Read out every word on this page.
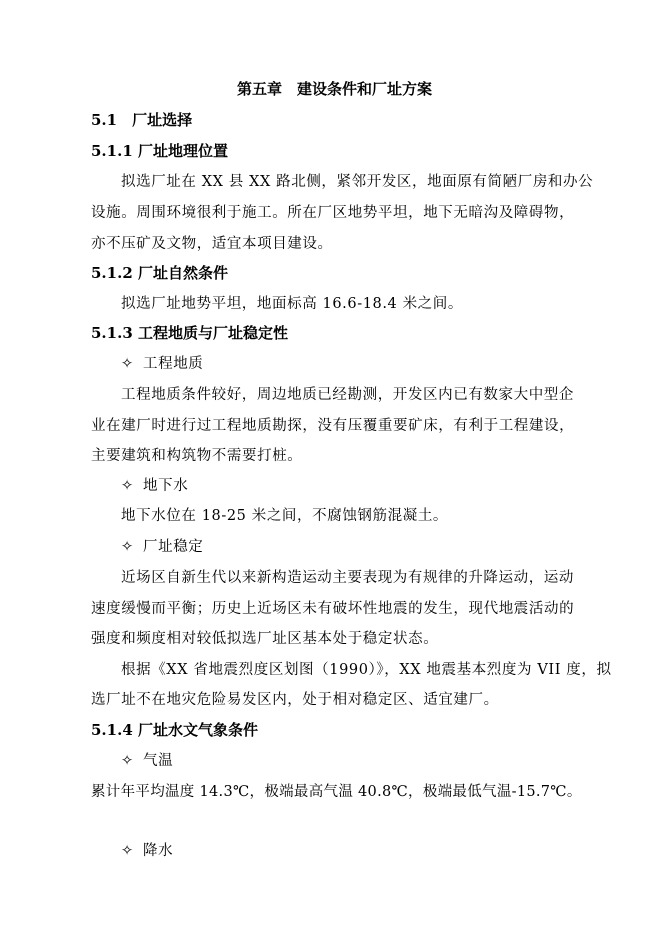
第五章　建设条件和厂址方案
5.1　厂址选择
5.1.1 厂址地理位置
拟选厂址在 XX 县 XX 路北侧，紧邻开发区，地面原有简陋厂房和办公
设施。周围环境很利于施工。所在厂区地势平坦，地下无暗沟及障碍物，
亦不压矿及文物，适宜本项目建设。
5.1.2 厂址自然条件
拟选厂址地势平坦，地面标高 16.6-18.4 米之间。
5.1.3 工程地质与厂址稳定性
✧ 工程地质
工程地质条件较好，周边地质已经勘测，开发区内已有数家大中型企
业在建厂时进行过工程地质勘探，没有压覆重要矿床，有利于工程建设，
主要建筑和构筑物不需要打桩。
✧ 地下水
地下水位在 18-25 米之间，不腐蚀钢筋混凝土。
✧ 厂址稳定
近场区自新生代以来新构造运动主要表现为有规律的升降运动，运动
速度缓慢而平衡；历史上近场区未有破坏性地震的发生，现代地震活动的
强度和频度相对较低拟选厂址区基本处于稳定状态。
根据《XX 省地震烈度区划图（1990）》，XX 地震基本烈度为 VII 度，拟
选厂址不在地灾危险易发区内，处于相对稳定区、适宜建厂。
5.1.4 厂址水文气象条件
✧ 气温
累计年平均温度 14.3℃，极端最高气温 40.8℃，极端最低气温-15.7℃。
✧ 降水
